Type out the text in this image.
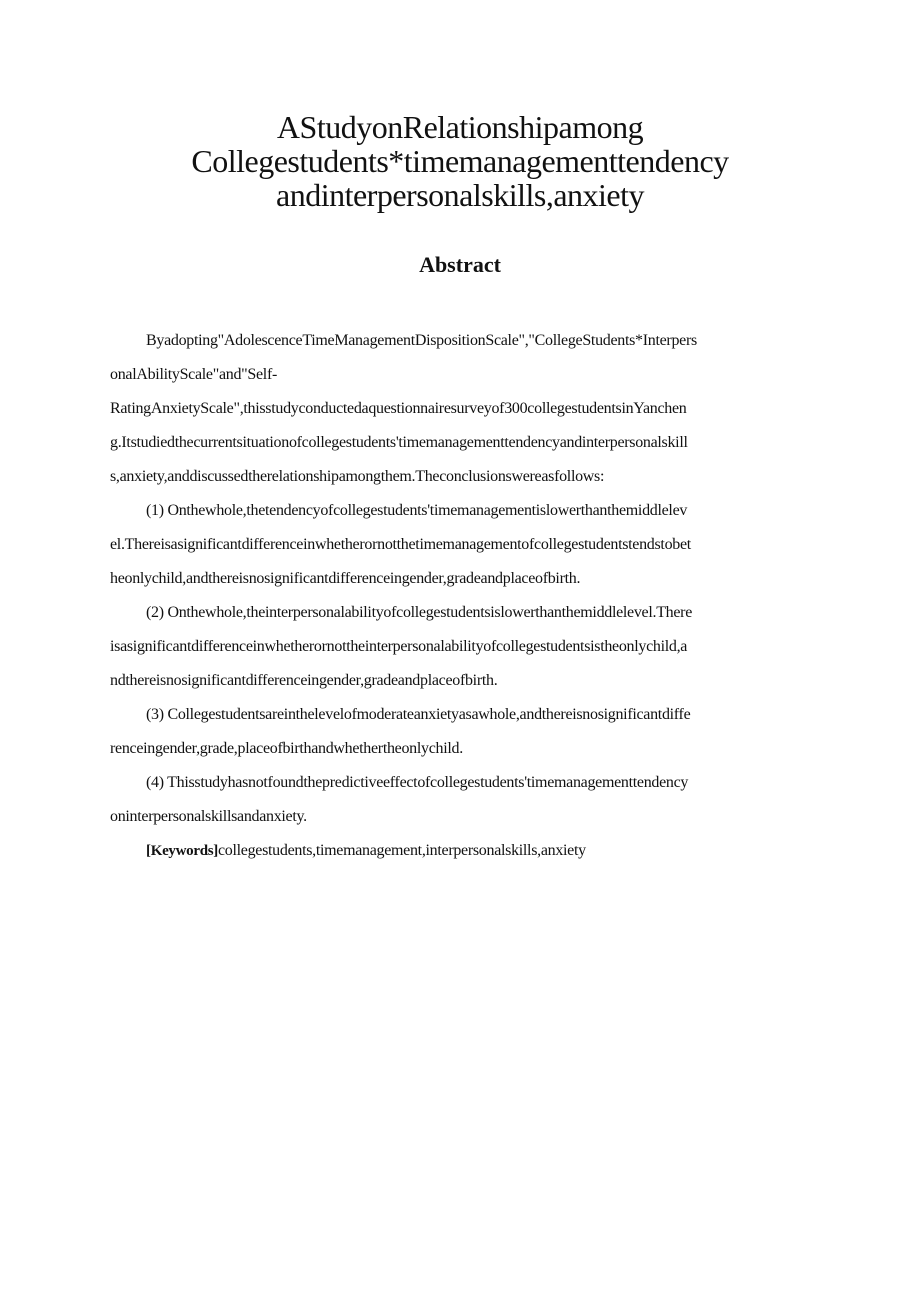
AStudyonRelationshipamong
Collegestudents*timemanagementtendency
andinterpersonalskills,anxiety
Abstract
Byadopting"AdolescenceTimeManagementDispositionScale","CollegeStudents*Interpers
onalAbilityScale"and"Self-
RatingAnxietyScale",thisstudyconductedaquestionnairesurveyof300collegestudentsinYanchen
g.Itstudiedthecurrentsituationofcollegestudents'timemanagementtendencyandinterpersonalskill
s,anxiety,anddiscussedtherelationshipamongthem.Theconclusionswereasfollows:
(1) Onthewhole,thetendencyofcollegestudents'timemanagementislowerthanthemiddlelev
el.Thereisasignificantdifferenceinwhetherornotthetimemanagementofcollegestudentstendstobet
heonlychild,andthereisnosignificantdifferenceingender,gradeandplaceofbirth.
(2) Onthewhole,theinterpersonalabilityofcollegestudentsislowerthanthemiddlelevel.There
isasignificantdifferenceinwhetherornottheinterpersonalabilityofcollegestudentsistheonlychild,a
ndthereisnosignificantdifferenceingender,gradeandplaceofbirth.
(3) Collegestudentsareinthelevelofmoderateanxietyasawhole,andthereisnosignificantdiffe
renceingender,grade,placeofbirthandwhethertheonlychild.
(4) Thisstudyhasnotfoundthepredictiveeffectofcollegestudents'timemanagementtendency
oninterpersonalskillsandanxiety.
[Keywords]collegestudents,timemanagement,interpersonalskills,anxiety
